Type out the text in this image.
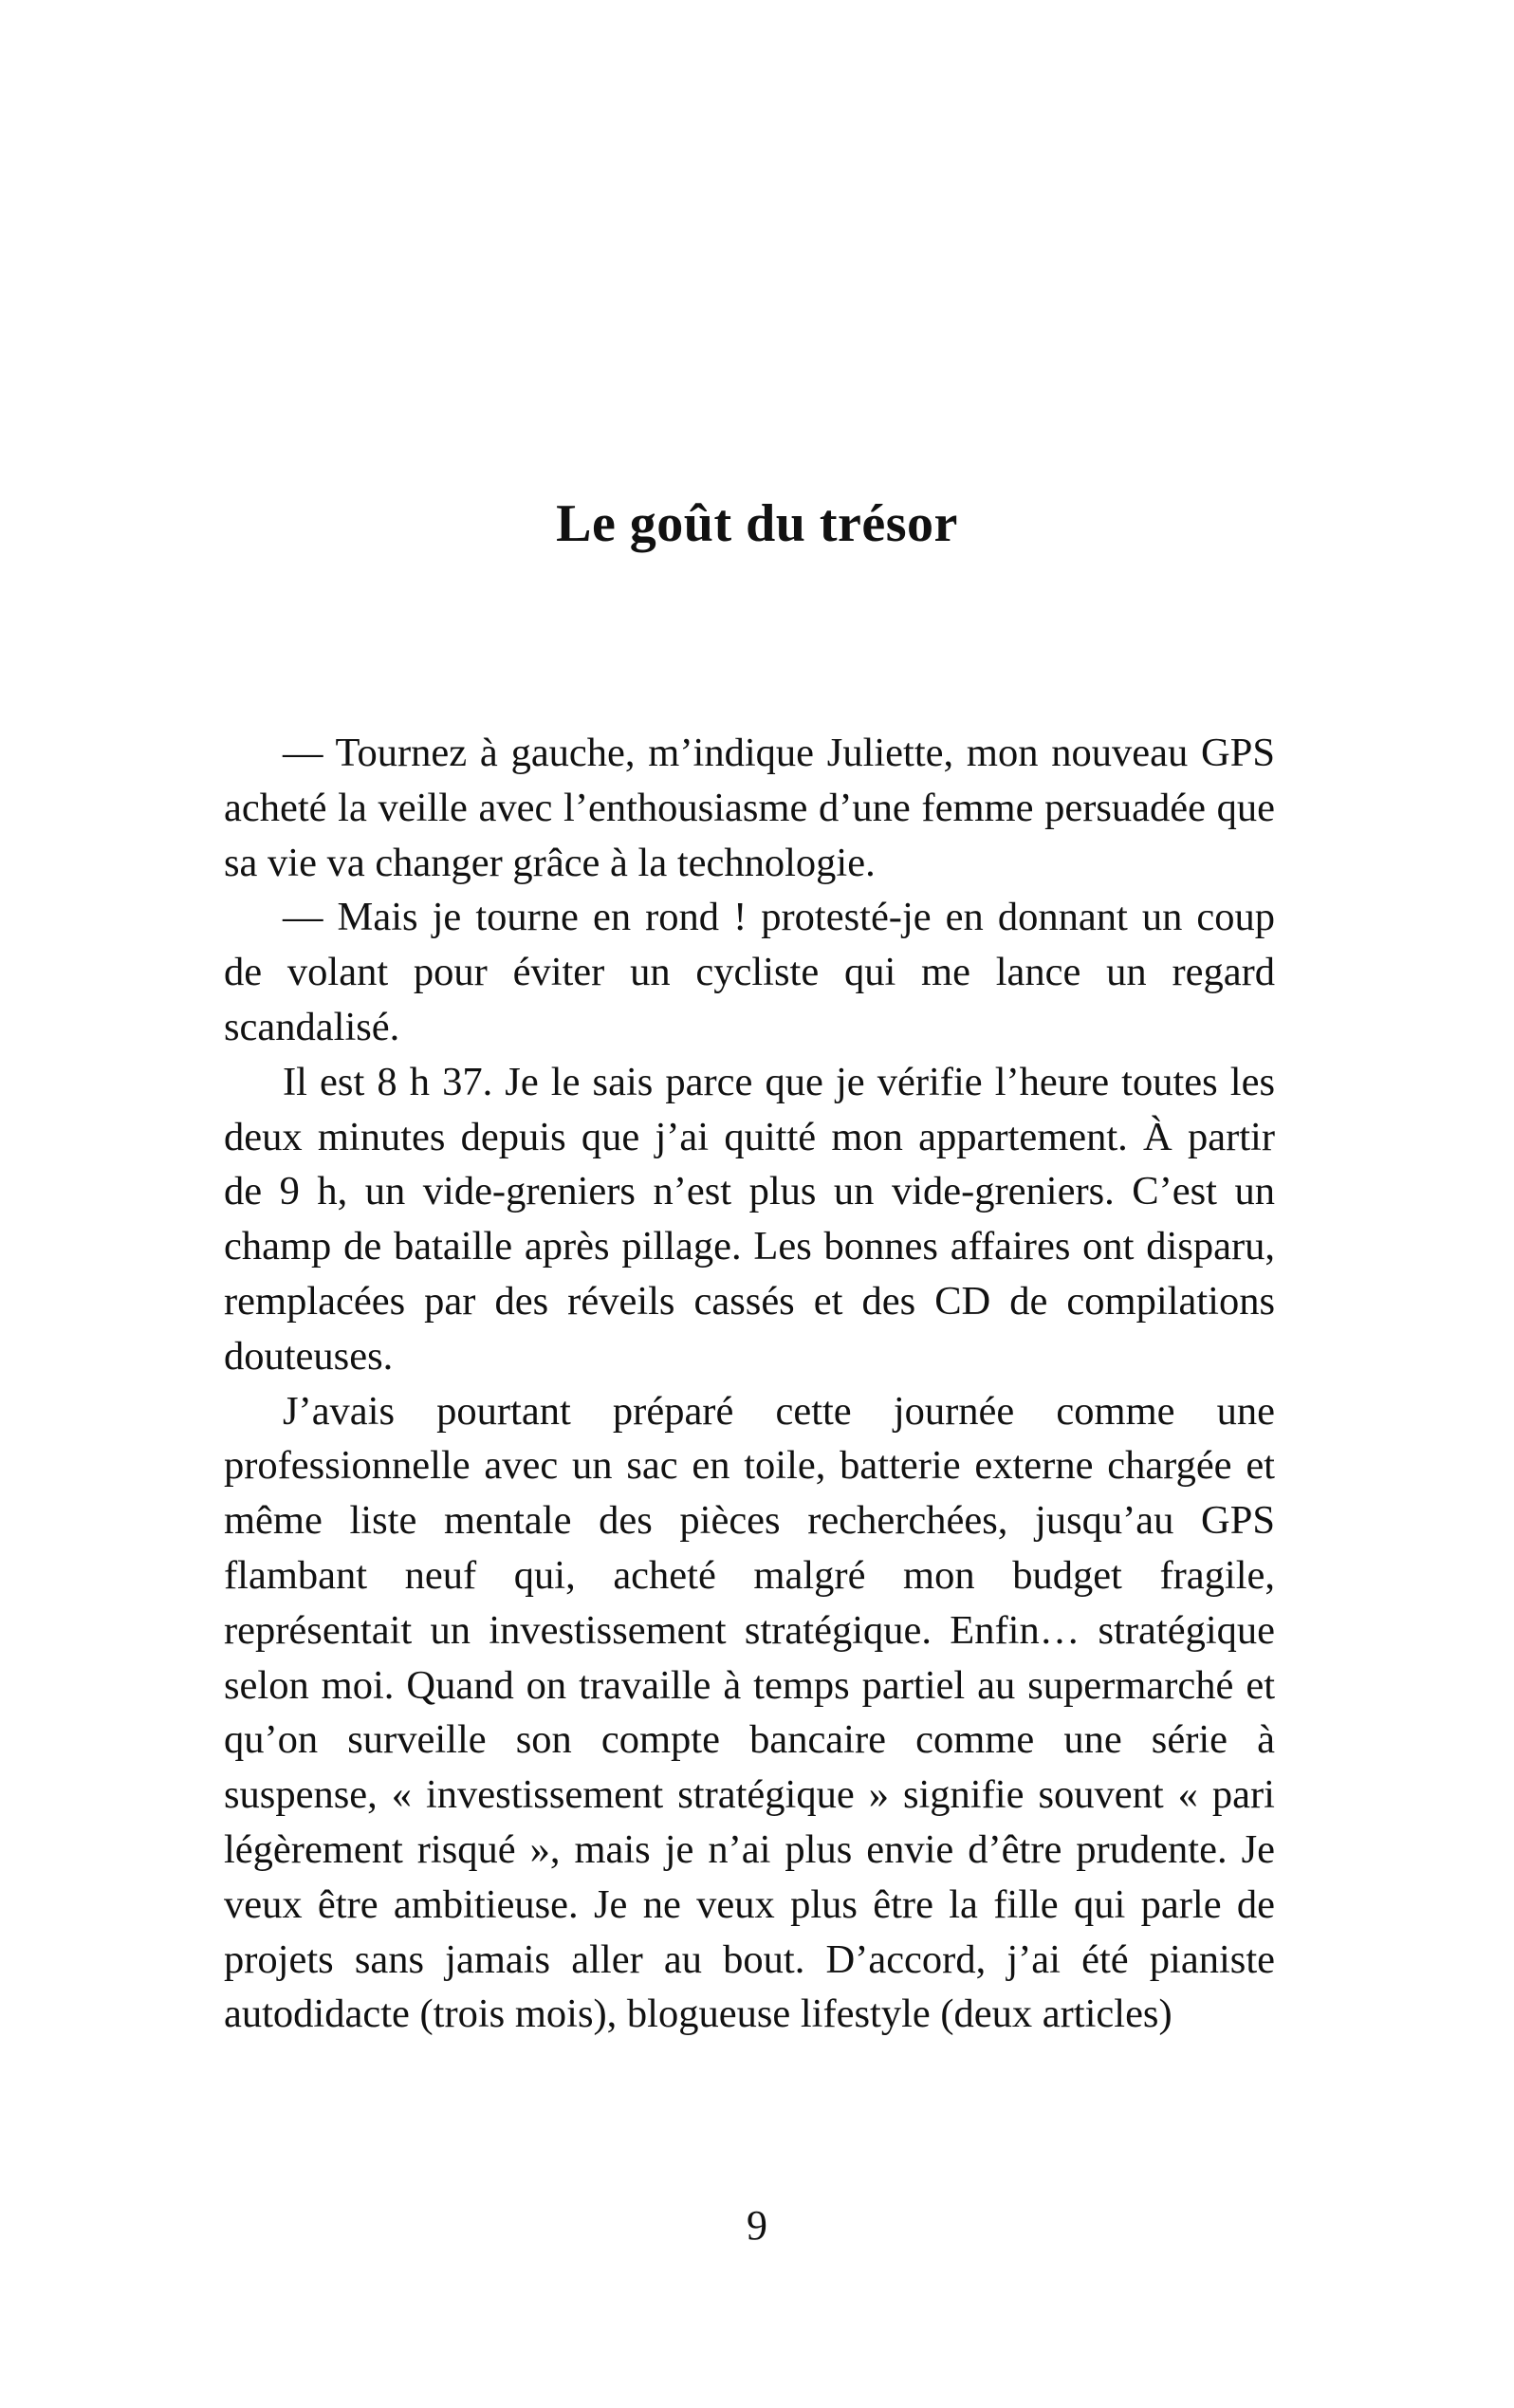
Le goût du trésor

— Tournez à gauche, m’indique Juliette, mon nouveau GPS acheté la veille avec l’enthousiasme d’une femme persuadée que sa vie va changer grâce à la technologie.

— Mais je tourne en rond ! protesté-je en donnant un coup de volant pour éviter un cycliste qui me lance un regard scandalisé.

Il est 8 h 37. Je le sais parce que je vérifie l’heure toutes les deux minutes depuis que j’ai quitté mon appartement. À partir de 9 h, un vide-greniers n’est plus un vide-greniers. C’est un champ de bataille après pillage. Les bonnes affaires ont disparu, remplacées par des réveils cassés et des CD de compilations douteuses.

J’avais pourtant préparé cette journée comme une professionnelle avec un sac en toile, batterie externe chargée et même liste mentale des pièces recherchées, jusqu’au GPS flambant neuf qui, acheté malgré mon budget fragile, représentait un investissement stratégique. Enfin… stratégique selon moi. Quand on travaille à temps partiel au supermarché et qu’on surveille son compte bancaire comme une série à suspense, « investissement stratégique » signifie souvent « pari légèrement risqué », mais je n’ai plus envie d’être prudente. Je veux être ambitieuse. Je ne veux plus être la fille qui parle de projets sans jamais aller au bout. D’accord, j’ai été pianiste autodidacte (trois mois), blogueuse lifestyle (deux articles)

9
